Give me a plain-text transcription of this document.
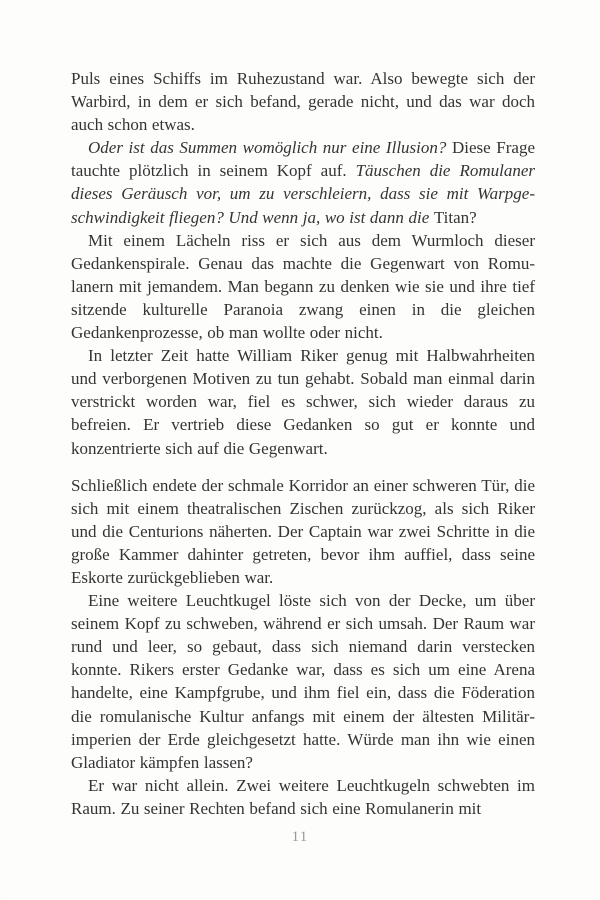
Puls eines Schiffs im Ruhezustand war. Also bewegte sich der Warbird, in dem er sich befand, gerade nicht, und das war doch auch schon etwas.

Oder ist das Summen womöglich nur eine Illusion? Diese Frage tauchte plötzlich in seinem Kopf auf. Täuschen die Romulaner dieses Geräusch vor, um zu verschleiern, dass sie mit Warpgeschwindigkeit fliegen? Und wenn ja, wo ist dann die Titan?

Mit einem Lächeln riss er sich aus dem Wurmloch dieser Gedankenspirale. Genau das machte die Gegenwart von Romulanern mit jemandem. Man begann zu denken wie sie und ihre tief sitzende kulturelle Paranoia zwang einen in die gleichen Gedankenprozesse, ob man wollte oder nicht.

In letzter Zeit hatte William Riker genug mit Halbwahrheiten und verborgenen Motiven zu tun gehabt. Sobald man einmal darin verstrickt worden war, fiel es schwer, sich wieder daraus zu befreien. Er vertrieb diese Gedanken so gut er konnte und konzentrierte sich auf die Gegenwart.

Schließlich endete der schmale Korridor an einer schweren Tür, die sich mit einem theatralischen Zischen zurückzog, als sich Riker und die Centurions näherten. Der Captain war zwei Schritte in die große Kammer dahinter getreten, bevor ihm auffiel, dass seine Eskorte zurückgeblieben war.

Eine weitere Leuchtkugel löste sich von der Decke, um über seinem Kopf zu schweben, während er sich umsah. Der Raum war rund und leer, so gebaut, dass sich niemand darin verstecken konnte. Rikers erster Gedanke war, dass es sich um eine Arena handelte, eine Kampfgrube, und ihm fiel ein, dass die Föderation die romulanische Kultur anfangs mit einem der ältesten Militärimperien der Erde gleichgesetzt hatte. Würde man ihn wie einen Gladiator kämpfen lassen?

Er war nicht allein. Zwei weitere Leuchtkugeln schwebten im Raum. Zu seiner Rechten befand sich eine Romulanerin mit

11
